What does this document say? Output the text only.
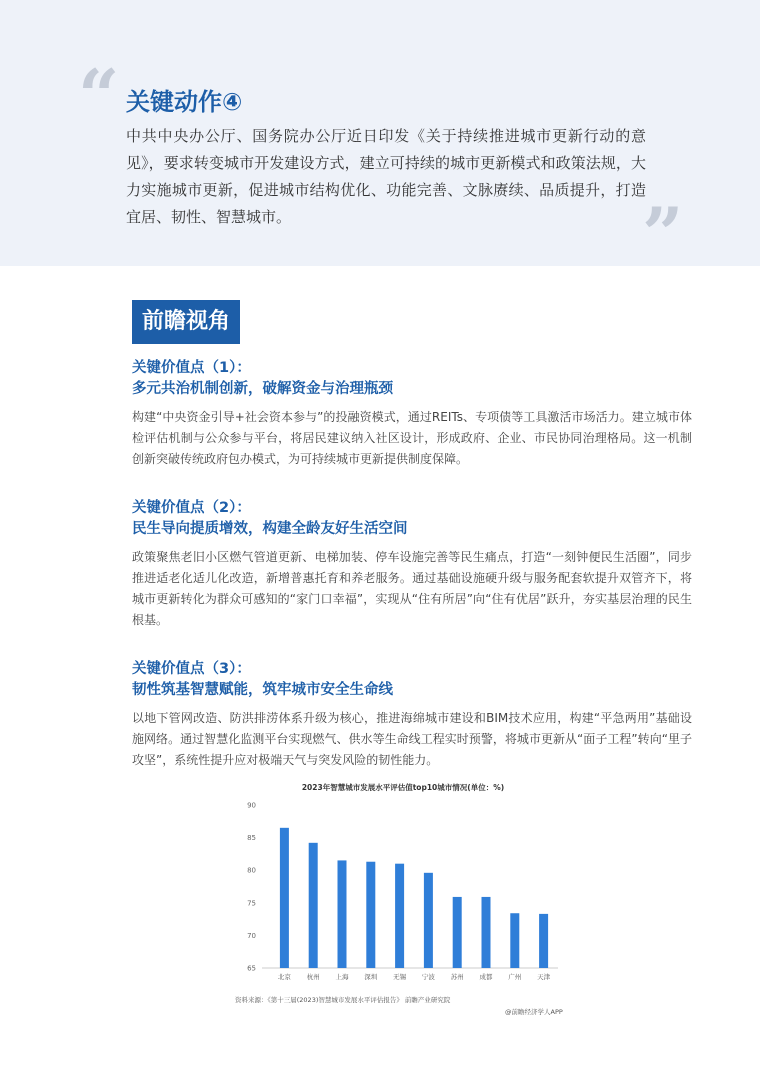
“ 关键动作④

中共中央办公厅、国务院办公厅近日印发《关于持续推进城市更新行动的意见》，要求转变城市开发建设方式，建立可持续的城市更新模式和政策法规，大力实施城市更新，促进城市结构优化、功能完善、文脉赓续、品质提升，打造宜居、韧性、智慧城市。	”
前瞻视角

关键价值点（1）：

多元共治机制创新，破解资金与治理瓶颈

构建“中央资金引导+社会资本参与”的投融资模式，通过REITs、专项债等工具激活市场活力。建立城市体检评估机制与公众参与平台，将居民建议纳入社区设计，形成政府、企业、市民协同治理格局。这一机制创新突破传统政府包办模式，为可持续城市更新提供制度保障。

关键价值点（2）：

民生导向提质增效，构建全龄友好生活空间

政策聚焦老旧小区燃气管道更新、电梯加装、停车设施完善等民生痛点，打造“一刻钟便民生活圈”，同步推进适老化适儿化改造，新增普惠托育和养老服务。通过基础设施硬升级与服务配套软提升双管齐下，将城市更新转化为群众可感知的“家门口幸福”，实现从“住有所居”向“住有优居”跃升，夯实基层治理的民生根基。

关键价值点（3）：

韧性筑基智慧赋能，筑牢城市安全生命线

以地下管网改造、防洪排涝体系升级为核心，推进海绵城市建设和BIM技术应用，构建“平急两用”基础设施网络。通过智慧化监测平台实现燃气、供水等生命线工程实时预警，将城市更新从“面子工程”转向“里子攻坚”，系统性提升应对极端天气与突发风险的韧性能力。

2023年智慧城市发展水平评估值top10城市情况(单位：%)
65
70
75
80
85
90
北京 杭州 上海 深圳 无锡 宁波 苏州 成都 广州 天津
资料来源：《第十三届(2023)智慧城市发展水平评估报告》 前瞻产业研究院
@前瞻经济学人APP
